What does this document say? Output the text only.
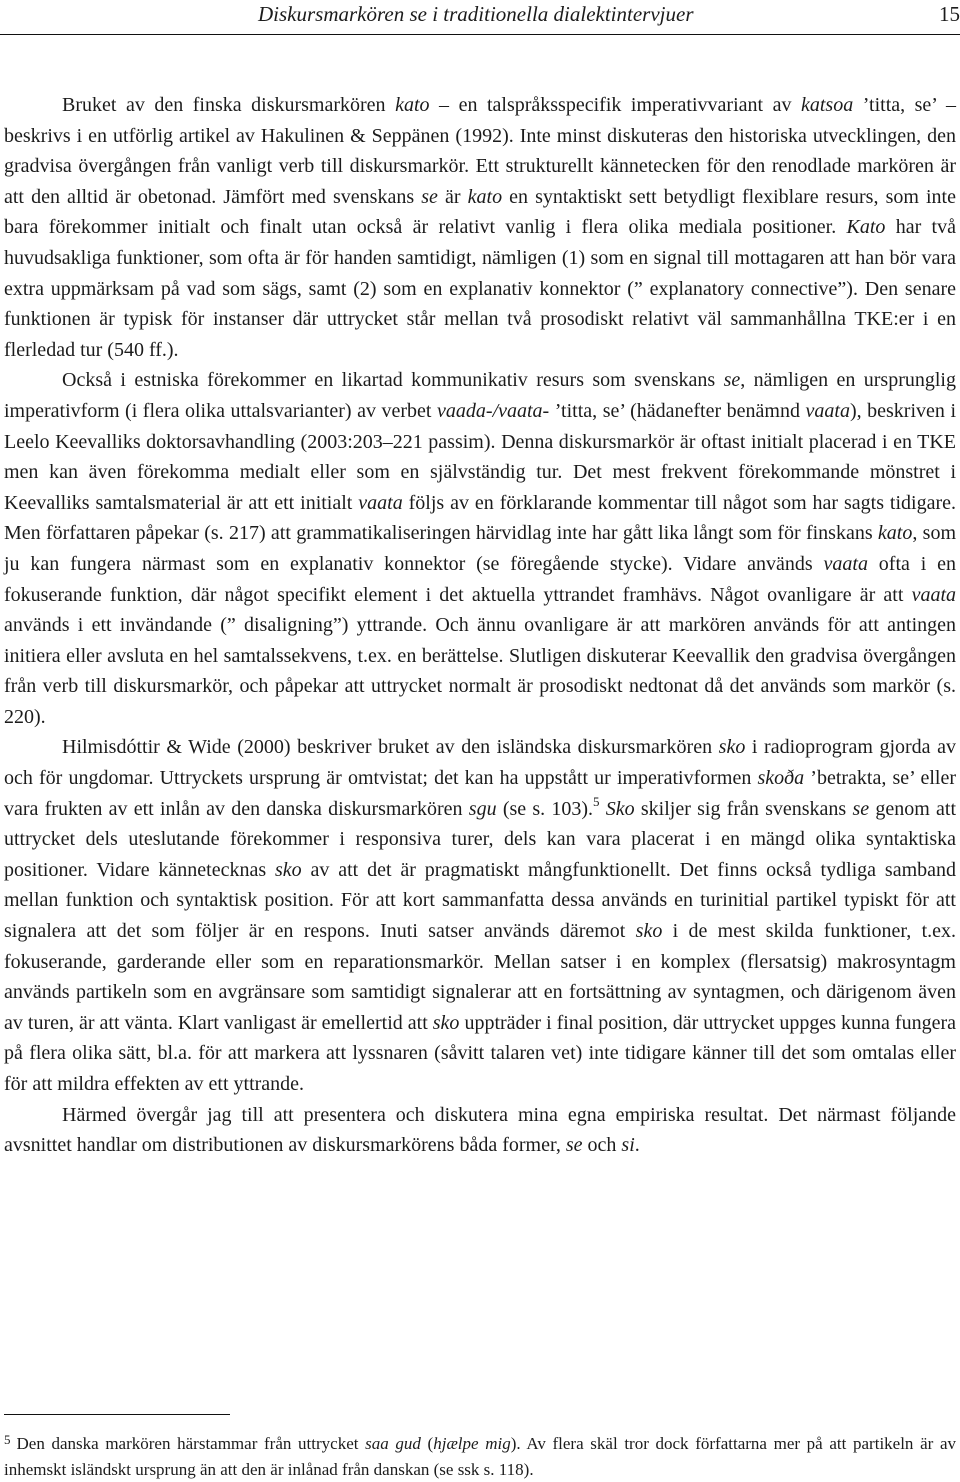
Diskursmarkören se i traditionella dialektintervjuer	15

Bruket av den finska diskursmarkören kato – en talspråksspecifik imperativvariant av katsoa ’titta, se’ – beskrivs i en utförlig artikel av Hakulinen & Seppänen (1992). Inte minst diskuteras den historiska utvecklingen, den gradvisa övergången från vanligt verb till diskursmarkör. Ett strukturellt kännetecken för den renodlade markören är att den alltid är obetonad. Jämfört med svenskans se är kato en syntaktiskt sett betydligt flexiblare resurs, som inte bara förekommer initialt och finalt utan också är relativt vanlig i flera olika mediala positioner. Kato har två huvudsakliga funktioner, som ofta är för handen samtidigt, nämligen (1) som en signal till mottagaren att han bör vara extra uppmärksam på vad som sägs, samt (2) som en explanativ konnektor (” explanatory connective”). Den senare funktionen är typisk för instanser där uttrycket står mellan två prosodiskt relativt väl sammanhållna TKE:er i en flerledad tur (540 ff.).

Också i estniska förekommer en likartad kommunikativ resurs som svenskans se, nämligen en ursprunglig imperativform (i flera olika uttalsvarianter) av verbet vaada-/vaata- ’titta, se’ (hädanefter benämnd vaata), beskriven i Leelo Keevalliks doktorsavhandling (2003:203–221 passim). Denna diskursmarkör är oftast initialt placerad i en TKE men kan även förekomma medialt eller som en självständig tur. Det mest frekvent förekommande mönstret i Keevalliks samtalsmaterial är att ett initialt vaata följs av en förklarande kommentar till något som har sagts tidigare. Men författaren påpekar (s. 217) att grammatikaliseringen härvidlag inte har gått lika långt som för finskans kato, som ju kan fungera närmast som en explanativ konnektor (se föregående stycke). Vidare används vaata ofta i en fokuserande funktion, där något specifikt element i det aktuella yttrandet framhävs. Något ovanligare är att vaata används i ett invändande (” disaligning”) yttrande. Och ännu ovanligare är att markören används för att antingen initiera eller avsluta en hel samtalssekvens, t.ex. en berättelse. Slutligen diskuterar Keevallik den gradvisa övergången från verb till diskursmarkör, och påpekar att uttrycket normalt är prosodiskt nedtonat då det används som markör (s. 220).

Hilmisdóttir & Wide (2000) beskriver bruket av den isländska diskursmarkören sko i radioprogram gjorda av och för ungdomar. Uttryckets ursprung är omtvistat; det kan ha uppstått ur imperativformen skoða ’betrakta, se’ eller vara frukten av ett inlån av den danska diskursmarkören sgu (se s. 103).$^5$ Sko skiljer sig från svenskans se genom att uttrycket dels uteslutande förekommer i responsiva turer, dels kan vara placerat i en mängd olika syntaktiska positioner. Vidare kännetecknas sko av att det är pragmatiskt mångfunktionellt. Det finns också tydliga samband mellan funktion och syntaktisk position. För att kort sammanfatta dessa används en turinitial partikel typiskt för att signalera att det som följer är en respons. Inuti satser används däremot sko i de mest skilda funktioner, t.ex. fokuserande, garderande eller som en reparationsmarkör. Mellan satser i en komplex (flersatsig) makrosyntagm används partikeln som en avgränsare som samtidigt signalerar att en fortsättning av syntagmen, och därigenom även av turen, är att vänta. Klart vanligast är emellertid att sko uppträder i final position, där uttrycket uppges kunna fungera på flera olika sätt, bl.a. för att markera att lyssnaren (såvitt talaren vet) inte tidigare känner till det som omtalas eller för att mildra effekten av ett yttrande.

Härmed övergår jag till att presentera och diskutera mina egna empiriska resultat. Det närmast följande avsnittet handlar om distributionen av diskursmarkörens båda former, se och si.

$^5$ Den danska markören härstammar från uttrycket saa gud (hjælpe mig). Av flera skäl tror dock författarna mer på att partikeln är av inhemskt isländskt ursprung än att den är inlånad från danskan (se ssk s. 118).
